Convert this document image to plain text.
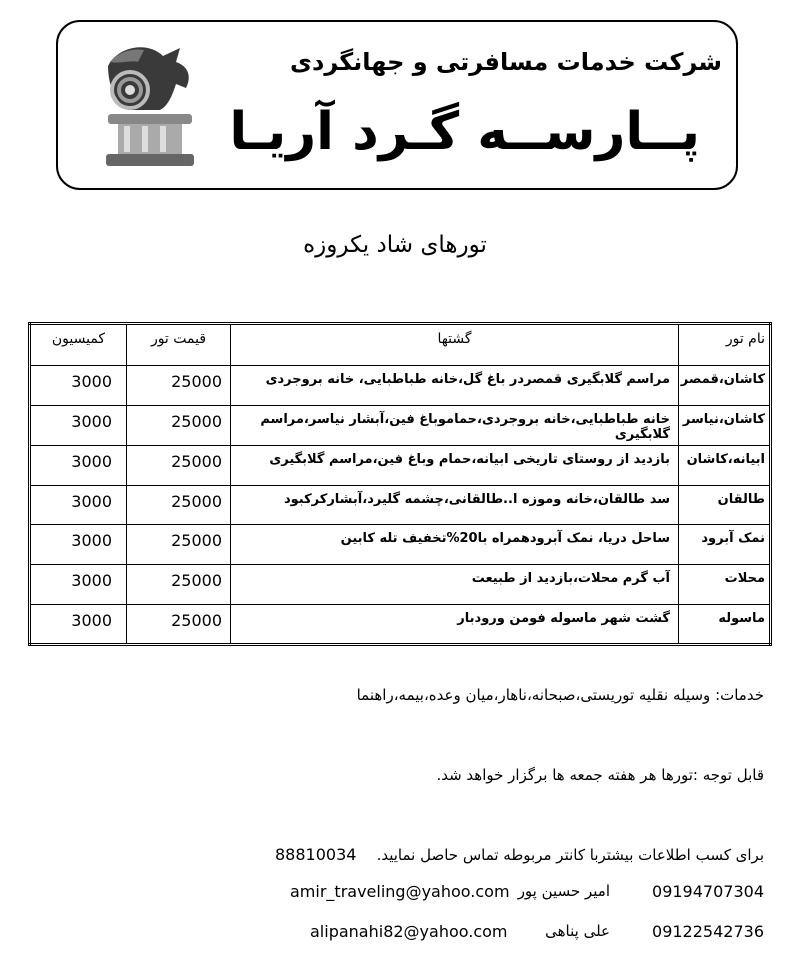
شرکت خدمات مسافرتی و جهانگردی
پــارســه گـرد آریـا
تورهای شاد یکروزه
نام تور	گشتها	قیمت تور	کمیسیون
کاشان،قمصر	مراسم گلابگیری قمصردر باغ گل،خانه طباطبایی، خانه بروجردی	25000	3000
کاشان،نیاسر	خانه طباطبایی،خانه بروجردی،حماموباغ فین،آبشار نیاسر،مراسم گلابگیری	25000	3000
ابیانه،کاشان	بازدید از روستای تاریخی ابیانه،حمام وباغ فین،مراسم گلابگیری	25000	3000
طالقان	سد طالقان،خانه وموزه ا..طالقانی،چشمه گلیرد،آبشارکرکبود	25000	3000
نمک آبرود	ساحل دریا، نمک آبرودهمراه با20%تخفیف تله کابین	25000	3000
محلات	آب گرم محلات،بازدید از طبیعت	25000	3000
ماسوله	گشت شهر ماسوله فومن ورودبار	25000	3000
خدمات: وسیله نقلیه توریستی،صبحانه،ناهار،میان وعده،بیمه،راهنما
قابل توجه :تورها هر هفته جمعه ها برگزار خواهد شد.
برای کسب اطلاعات بیشتربا کانتر مربوطه تماس حاصل نمایید.
88810034
09194707304
امیر حسین پور
amir_traveling@yahoo.com
09122542736
علی پناهی
alipanahi82@yahoo.com
